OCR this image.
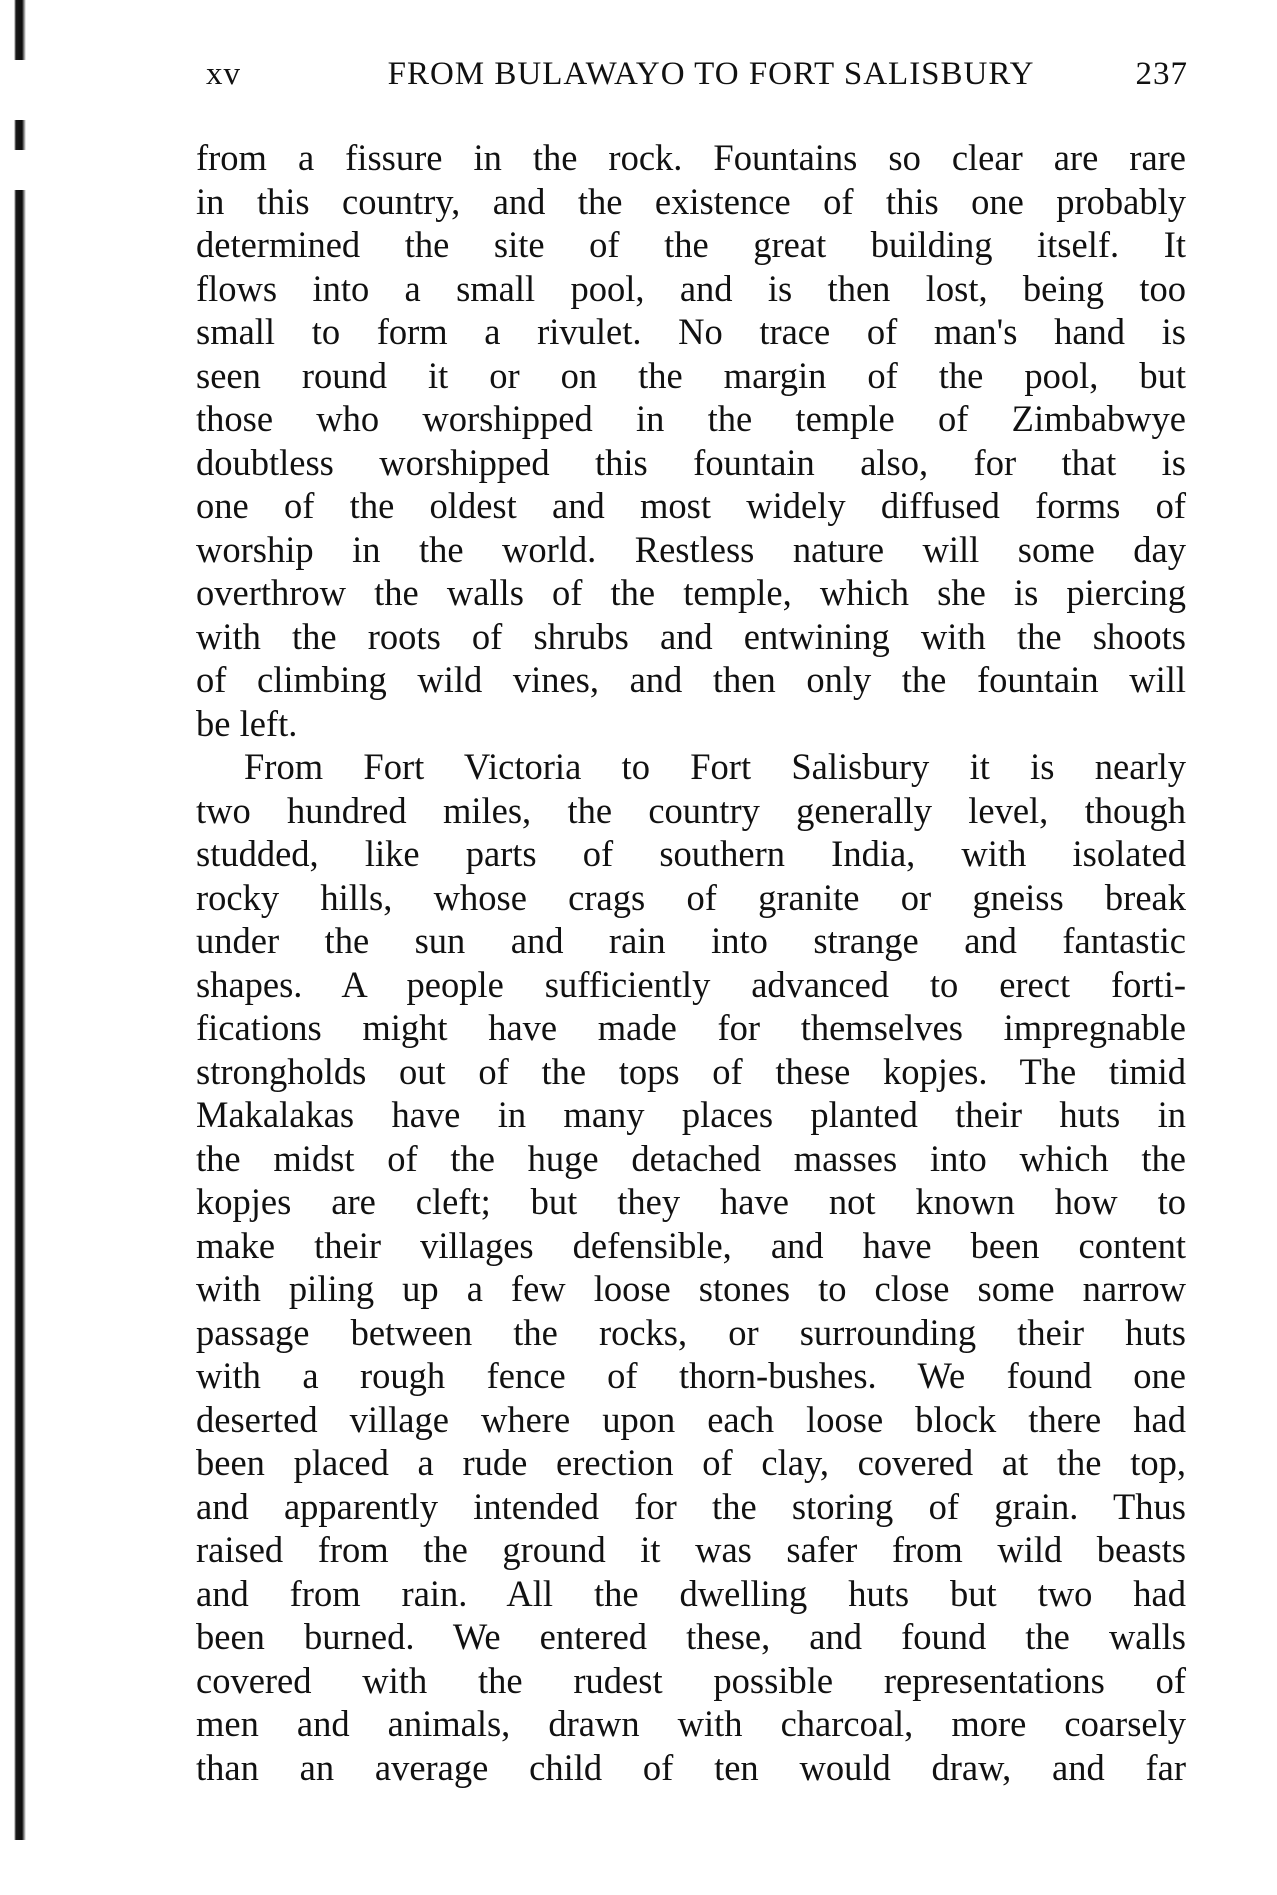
xv	FROM BULAWAYO TO FORT SALISBURY	237
from a fissure in the rock. Fountains so clear are rare
in this country, and the existence of this one probably
determined the site of the great building itself. It
flows into a small pool, and is then lost, being too
small to form a rivulet. No trace of man's hand is
seen round it or on the margin of the pool, but
those who worshipped in the temple of Zimbabwye
doubtless worshipped this fountain also, for that is
one of the oldest and most widely diffused forms of
worship in the world. Restless nature will some day
overthrow the walls of the temple, which she is piercing
with the roots of shrubs and entwining with the shoots
of climbing wild vines, and then only the fountain will
be left.
From Fort Victoria to Fort Salisbury it is nearly
two hundred miles, the country generally level, though
studded, like parts of southern India, with isolated
rocky hills, whose crags of granite or gneiss break
under the sun and rain into strange and fantastic
shapes. A people sufficiently advanced to erect forti-
fications might have made for themselves impregnable
strongholds out of the tops of these kopjes. The timid
Makalakas have in many places planted their huts in
the midst of the huge detached masses into which the
kopjes are cleft; but they have not known how to
make their villages defensible, and have been content
with piling up a few loose stones to close some narrow
passage between the rocks, or surrounding their huts
with a rough fence of thorn-bushes. We found one
deserted village where upon each loose block there had
been placed a rude erection of clay, covered at the top,
and apparently intended for the storing of grain. Thus
raised from the ground it was safer from wild beasts
and from rain. All the dwelling huts but two had
been burned. We entered these, and found the walls
covered with the rudest possible representations of
men and animals, drawn with charcoal, more coarsely
than an average child of ten would draw, and far
